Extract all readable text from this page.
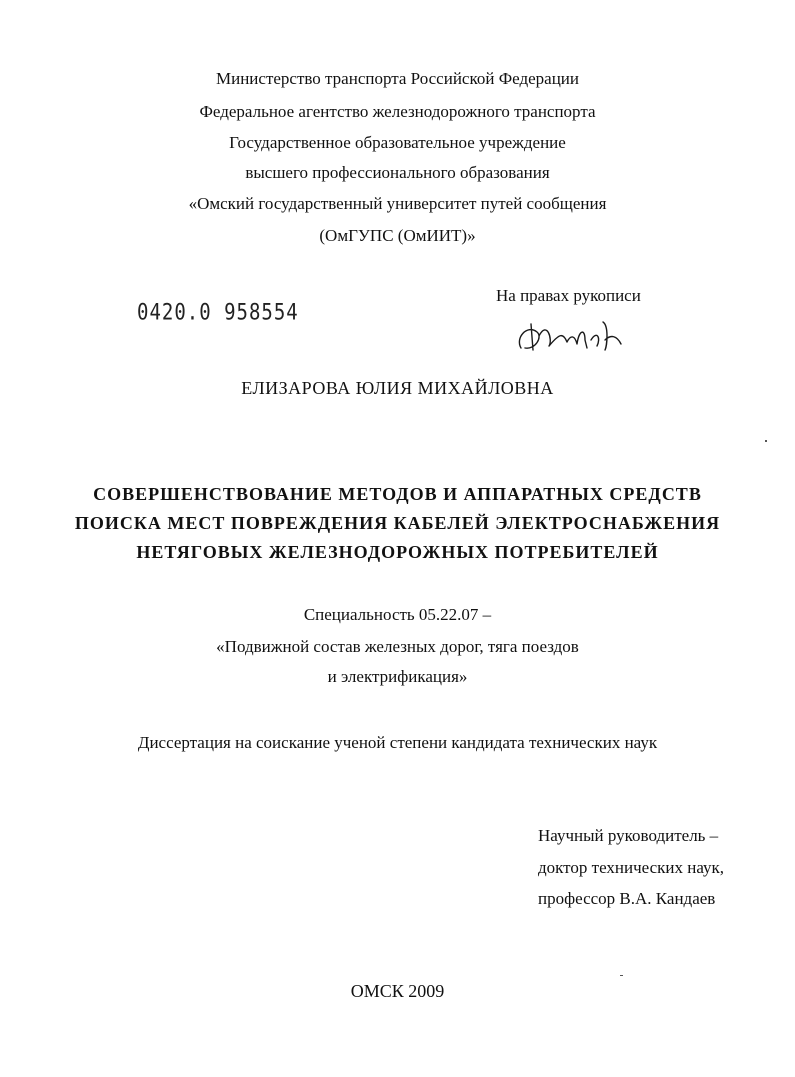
Министерство транспорта Российской Федерации
Федеральное агентство железнодорожного транспорта
Государственное образовательное учреждение
высшего профессионального образования
«Омский государственный университет путей сообщения
(ОмГУПС (ОмИИТ)»
0420.0 958554
На правах рукописи
ЕЛИЗАРОВА ЮЛИЯ МИХАЙЛОВНА
СОВЕРШЕНСТВОВАНИЕ МЕТОДОВ И АППАРАТНЫХ СРЕДСТВ
ПОИСКА МЕСТ ПОВРЕЖДЕНИЯ КАБЕЛЕЙ ЭЛЕКТРОСНАБЖЕНИЯ
НЕТЯГОВЫХ ЖЕЛЕЗНОДОРОЖНЫХ ПОТРЕБИТЕЛЕЙ
Специальность 05.22.07 –
«Подвижной состав железных дорог, тяга поездов
и электрификация»
Диссертация на соискание ученой степени кандидата технических наук
Научный руководитель –
доктор технических наук,
профессор В.А. Кандаев
ОМСК 2009
